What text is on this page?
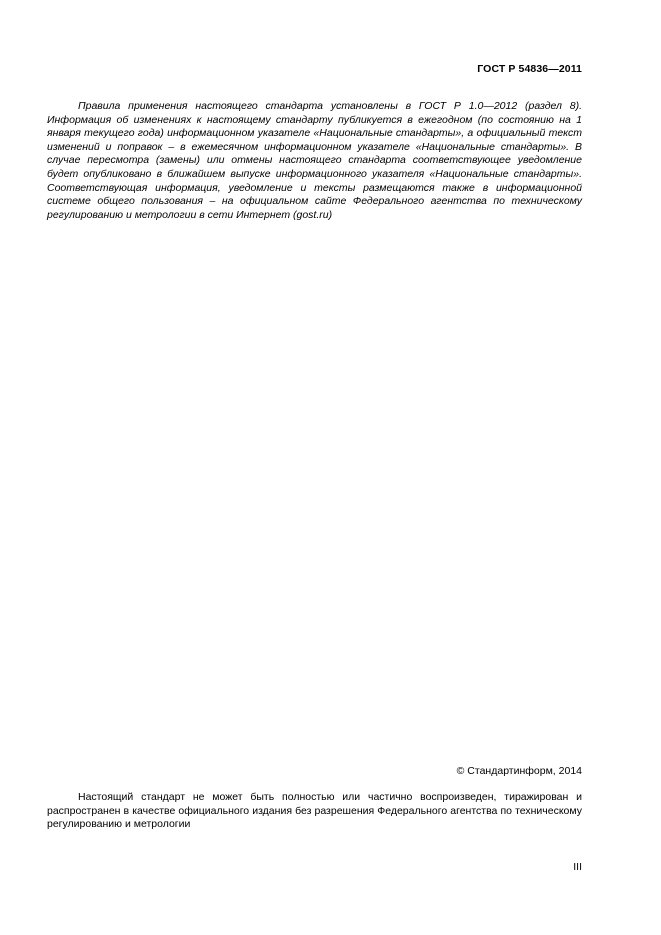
ГОСТ Р 54836—2011

Правила применения настоящего стандарта установлены в ГОСТ Р 1.0—2012 (раздел 8). Информация об изменениях к настоящему стандарту публикуется в ежегодном (по состоянию на 1 января текущего года) информационном указателе «Национальные стандарты», а официальный текст изменений и поправок – в ежемесячном информационном указателе «Национальные стандарты». В случае пересмотра (замены) или отмены настоящего стандарта соответствующее уведомление будет опубликовано в ближайшем выпуске информационного указателя «Национальные стандарты». Соответствующая информация, уведомление и тексты размещаются также в информационной системе общего пользования – на официальном сайте Федерального агентства по техническому регулированию и метрологии в сети Интернет (gost.ru)

© Стандартинформ, 2014

Настоящий стандарт не может быть полностью или частично воспроизведен, тиражирован и распространен в качестве официального издания без разрешения Федерального агентства по техническому регулированию и метрологии

III
